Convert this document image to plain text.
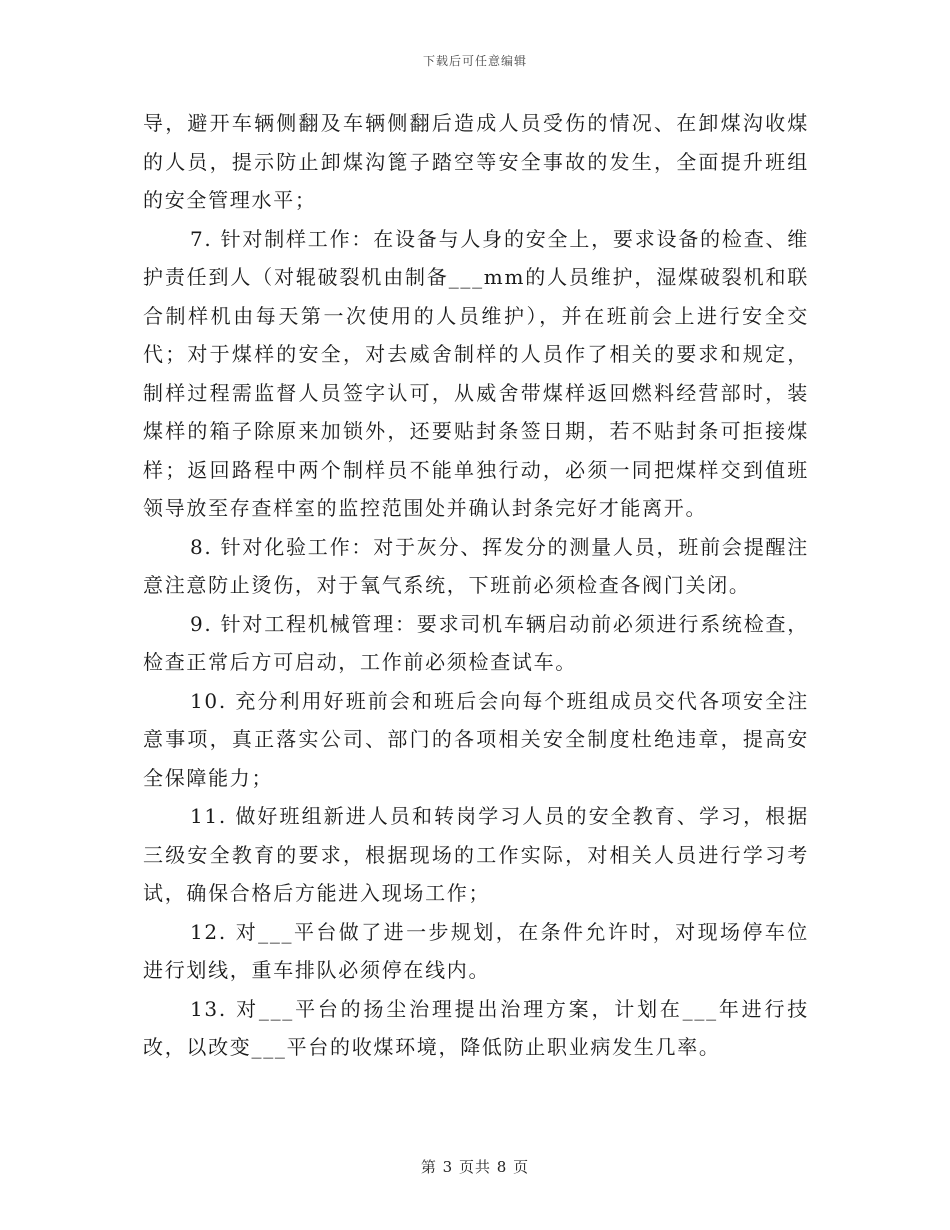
下载后可任意编辑

导，避开车辆侧翻及车辆侧翻后造成人员受伤的情况、在卸煤沟收煤的人员，提示防止卸煤沟篦子踏空等安全事故的发生，全面提升班组的安全管理水平；

7. 针对制样工作：在设备与人身的安全上，要求设备的检查、维护责任到人（对辊破裂机由制备___mm的人员维护，湿煤破裂机和联合制样机由每天第一次使用的人员维护），并在班前会上进行安全交代；对于煤样的安全，对去威舍制样的人员作了相关的要求和规定，制样过程需监督人员签字认可，从威舍带煤样返回燃料经营部时，装煤样的箱子除原来加锁外，还要贴封条签日期，若不贴封条可拒接煤样；返回路程中两个制样员不能单独行动，必须一同把煤样交到值班领导放至存查样室的监控范围处并确认封条完好才能离开。

8. 针对化验工作：对于灰分、挥发分的测量人员，班前会提醒注意注意防止烫伤，对于氧气系统，下班前必须检查各阀门关闭。

9. 针对工程机械管理：要求司机车辆启动前必须进行系统检查，检查正常后方可启动，工作前必须检查试车。

10. 充分利用好班前会和班后会向每个班组成员交代各项安全注意事项，真正落实公司、部门的各项相关安全制度杜绝违章，提高安全保障能力；

11. 做好班组新进人员和转岗学习人员的安全教育、学习，根据三级安全教育的要求，根据现场的工作实际，对相关人员进行学习考试，确保合格后方能进入现场工作；

12. 对___平台做了进一步规划，在条件允许时，对现场停车位进行划线，重车排队必须停在线内。

13. 对___平台的扬尘治理提出治理方案，计划在___年进行技改，以改变___平台的收煤环境，降低防止职业病发生几率。

第 3 页共 8 页
